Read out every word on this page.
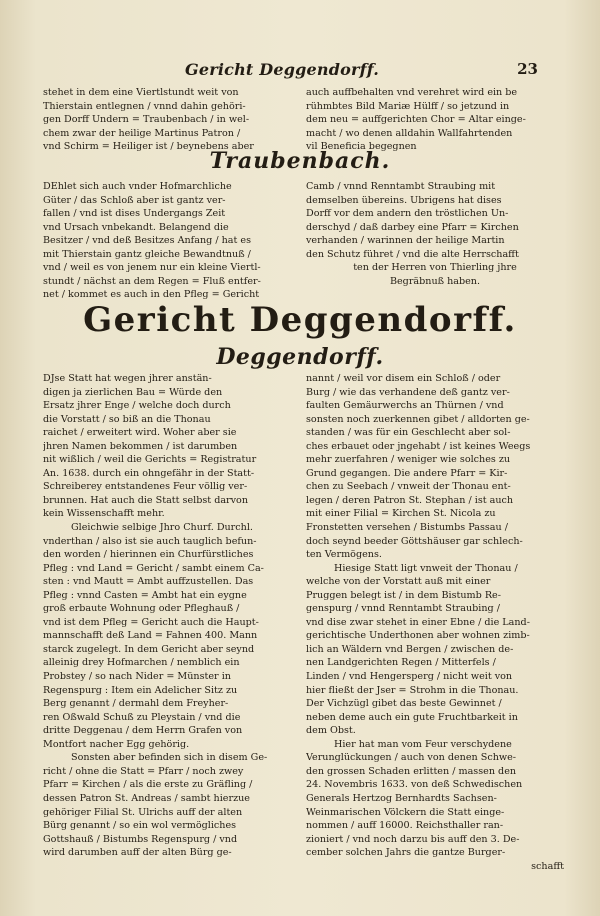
Gericht Deggendorff.	23
stehet in dem eine Viertlstundt weit von
Thierstain entlegnen / vnnd dahin gehöri-
gen Dorff Undern = Traubenbach / in wel-
chem zwar der heilige Martinus Patron /
vnd Schirm = Heiliger ist / beynebens aber
auch auffbehalten vnd verehret wird ein be
rühmbtes Bild Mariæ Hülff / so jetzund in
dem neu = auffgerichten Chor = Altar einge-
macht / wo denen alldahin Wallfahrtenden
vil Beneficia begegnen
Traubenbach.
DEhlet sich auch vnder Hofmarchliche
Güter / das Schloß aber ist gantz ver-
fallen / vnd ist dises Undergangs Zeit
vnd Ursach vnbekandt. Belangend die
Besitzer / vnd deß Besitzes Anfang / hat es
mit Thierstain gantz gleiche Bewandtnuß /
vnd / weil es von jenem nur ein kleine Viertl-
stundt / nächst an dem Regen = Fluß entfer-
net / kommet es auch in den Pfleg = Gericht
Camb / vnnd Renntambt Straubing mit
demselben übereins. Ubrigens hat dises
Dorff vor dem andern den tröstlichen Un-
derschyd / daß darbey eine Pfarr = Kirchen
verhanden / warinnen der heilige Martin
den Schutz führet / vnd die alte Herrschafft
ten der Herren von Thierling jhre
Begräbnuß haben.
Gericht Deggendorff.
Deggendorff.
DJse Statt hat wegen jhrer anstän-
digen ja zierlichen Bau = Würde den
Ersatz jhrer Enge / welche doch durch
die Vorstatt / so biß an die Thonau
raichet / erweitert wird. Woher aber sie
jhren Namen bekommen / ist darumben
nit wißlich / weil die Gerichts = Registratur
An. 1638. durch ein ohngefähr in der Statt-
Schreiberey entstandenes Feur völlig ver-
brunnen. Hat auch die Statt selbst darvon
kein Wissenschafft mehr.
Gleichwie selbige Jhro Churf. Durchl.
vnderthan / also ist sie auch tauglich befun-
den worden / hierinnen ein Churfürstliches
Pfleg : vnd Land = Gericht / sambt einem Ca-
sten : vnd Mautt = Ambt auffzustellen. Das
Pfleg : vnnd Casten = Ambt hat ein eygne
groß erbaute Wohnung oder Pfleghauß /
vnd ist dem Pfleg = Gericht auch die Haupt-
mannschafft deß Land = Fahnen 400. Mann
starck zugelegt. In dem Gericht aber seynd
alleinig drey Hofmarchen / nemblich ein
Probstey / so nach Nider = Münster in
Regenspurg : Item ein Adelicher Sitz zu
Berg genannt / dermahl dem Freyher-
ren Oßwald Schuß zu Pleystain / vnd die
dritte Deggenau / dem Herrn Grafen von
Montfort nacher Egg gehörig.
Sonsten aber befinden sich in disem Ge-
richt / ohne die Statt = Pfarr / noch zwey
Pfarr = Kirchen / als die erste zu Gräfling /
dessen Patron St. Andreas / sambt hierzue
gehöriger Filial St. Ulrichs auff der alten
Bürg genannt / so ein wol vermögliches
Gottshauß / Bistumbs Regenspurg / vnd
wird darumben auff der alten Bürg ge-
nannt / weil vor disem ein Schloß / oder
Burg / wie das verhandene deß gantz ver-
faulten Gemäurwerchs an Thürnen / vnd
sonsten noch zuerkennen gibet / alldorten ge-
standen / was für ein Geschlecht aber sol-
ches erbauet oder jngehabt / ist keines Weegs
mehr zuerfahren / weniger wie solches zu
Grund gegangen. Die andere Pfarr = Kir-
chen zu Seebach / vnweit der Thonau ent-
legen / deren Patron St. Stephan / ist auch
mit einer Filial = Kirchen St. Nicola zu
Fronstetten versehen / Bistumbs Passau /
doch seynd beeder Göttshäuser gar schlech-
ten Vermögens.
Hiesige Statt ligt vnweit der Thonau /
welche von der Vorstatt auß mit einer
Pruggen belegt ist / in dem Bistumb Re-
genspurg / vnnd Renntambt Straubing /
vnd dise zwar stehet in einer Ebne / die Land-
gerichtische Underthonen aber wohnen zimb-
lich an Wäldern vnd Bergen / zwischen de-
nen Landgerichten Regen / Mitterfels /
Linden / vnd Hengersperg / nicht weit von
hier fließt der Jser = Strohm in die Thonau.
Der Vichzügl gibet das beste Gewinnet /
neben deme auch ein gute Fruchtbarkeit in
dem Obst.
Hier hat man vom Feur verschydene
Verunglückungen / auch von denen Schwe-
den grossen Schaden erlitten / massen den
24. Novembris 1633. von deß Schwedischen
Generals Hertzog Bernhardts Sachsen-
Weinmarischen Völckern die Statt einge-
nommen / auff 16000. Reichsthaller ran-
zioniert / vnd noch darzu bis auff den 3. De-
cember solchen Jahrs die gantze Burger-
schafft
